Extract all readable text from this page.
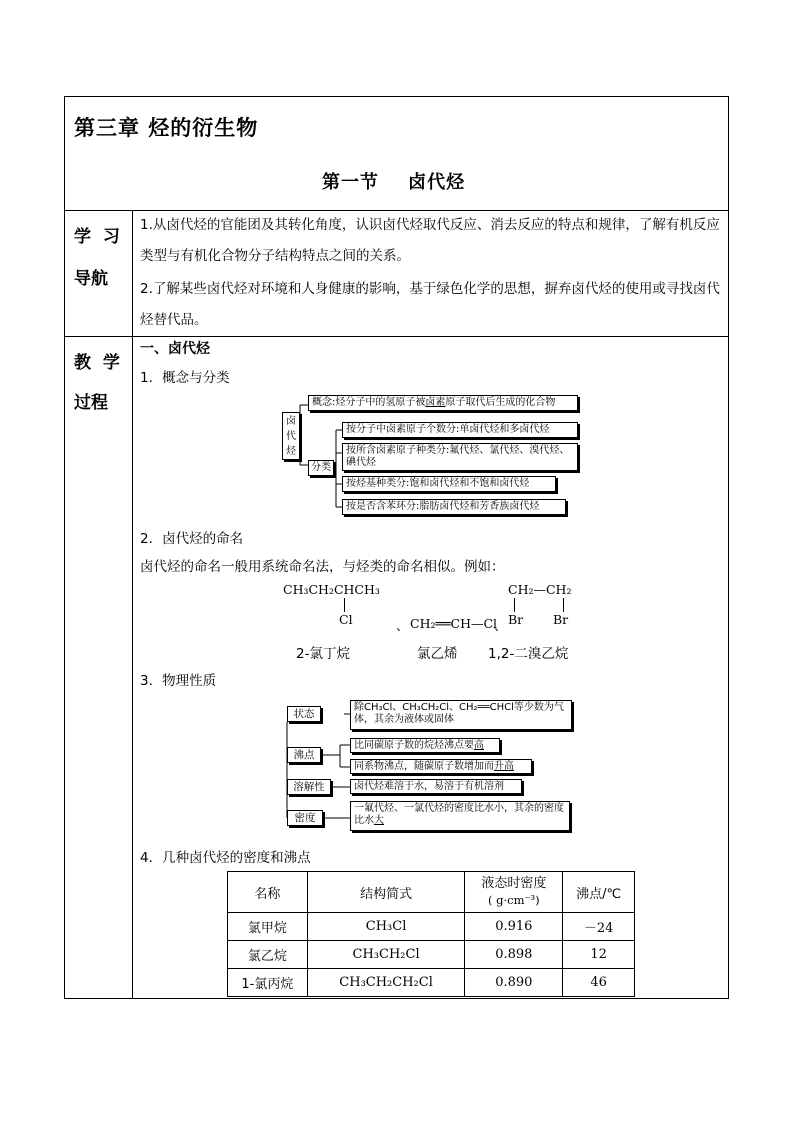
第三章 烃的衍生物
第一节    卤代烃
学  习
导航
1.从卤代烃的官能团及其转化角度，认识卤代烃取代反应、消去反应的特点和规律，了解有机反应类型与有机化合物分子结构特点之间的关系。
2.了解某些卤代烃对环境和人身健康的影响，基于绿色化学的思想，摒弃卤代烃的使用或寻找卤代烃替代品。
教  学
过程
一、卤代烃
1．概念与分类
卤代烃
概念:烃分子中的氢原子被卤素原子取代后生成的化合物
分类
按分子中卤素原子个数分:单卤代烃和多卤代烃
按所含卤素原子种类分:氟代烃、氯代烃、溴代烃、碘代烃
按烃基种类分:饱和卤代烃和不饱和卤代烃
按是否含苯环分:脂肪卤代烃和芳香族卤代烃
2．卤代烃的命名
卤代烃的命名一般用系统命名法，与烃类的命名相似。例如：
CH₃CH₂CHCH₃
Cl	、 CH₂══CH—Cl
、
CH₂—CH₂
Br Br
2-氯丁烷	氯乙烯 1,2-二溴乙烷
3．物理性质
状态
除CH₃Cl、CH₃CH₂Cl、CH₂══CHCl等少数为气体，其余为液体或固体
沸点
比同碳原子数的烷烃沸点要高
同系物沸点，随碳原子数增加而升高
溶解性	卤代烃难溶于水，易溶于有机溶剂
密度
一氟代烃、一氯代烃的密度比水小，其余的密度比水大
4．几种卤代烃的密度和沸点
名称	结构简式	液态时密度
( g·cm⁻³)	沸点/℃
氯甲烷	CH₃Cl	0.916	－24
氯乙烷	CH₃CH₂Cl	0.898	12
1-氯丙烷	CH₃CH₂CH₂Cl	0.890	46
